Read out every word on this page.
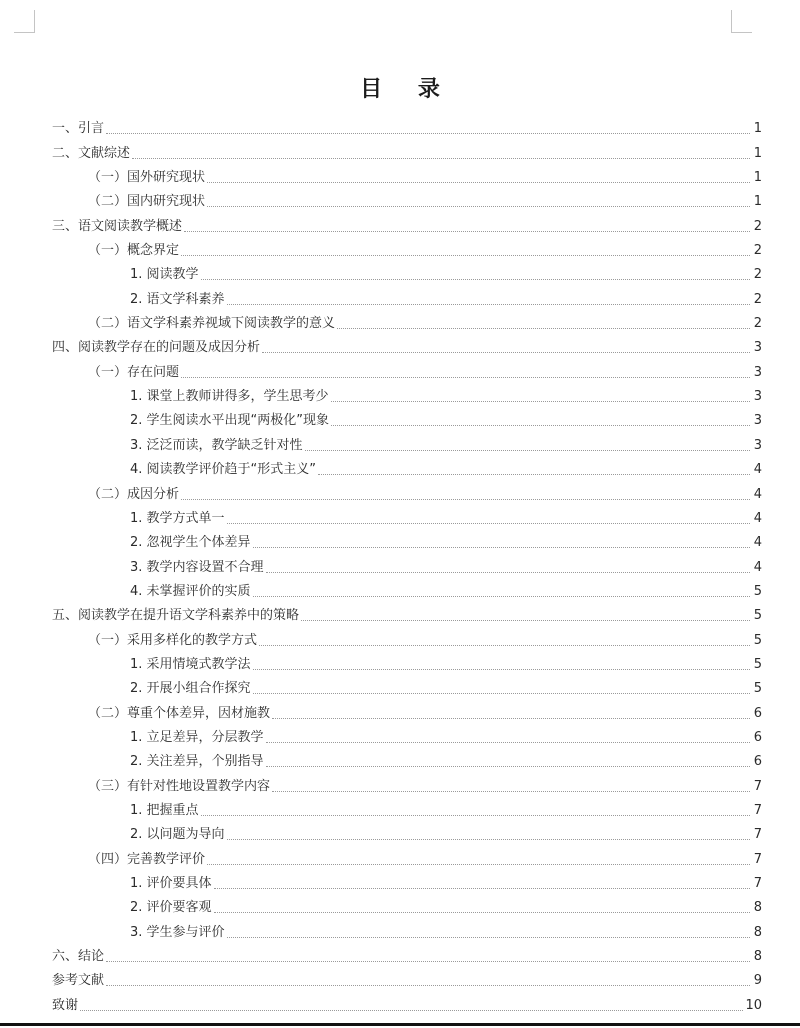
目 录
一、引言	1
二、文献综述	1
（一）国外研究现状	1
（二）国内研究现状	1
三、语文阅读教学概述	2
（一）概念界定	2
1. 阅读教学	2
2. 语文学科素养	2
（二）语文学科素养视域下阅读教学的意义	2
四、阅读教学存在的问题及成因分析	3
（一）存在问题	3
1. 课堂上教师讲得多，学生思考少	3
2. 学生阅读水平出现“两极化”现象	3
3. 泛泛而读，教学缺乏针对性	3
4. 阅读教学评价趋于“形式主义”	4
（二）成因分析	4
1. 教学方式单一	4
2. 忽视学生个体差异	4
3. 教学内容设置不合理	4
4. 未掌握评价的实质	5
五、阅读教学在提升语文学科素养中的策略	5
（一）采用多样化的教学方式	5
1. 采用情境式教学法	5
2. 开展小组合作探究	5
（二）尊重个体差异，因材施教	6
1. 立足差异，分层教学	6
2. 关注差异，个别指导	6
（三）有针对性地设置教学内容	7
1. 把握重点	7
2. 以问题为导向	7
（四）完善教学评价	7
1. 评价要具体	7
2. 评价要客观	8
3. 学生参与评价	8
六、结论	8
参考文献	9
致谢	10
